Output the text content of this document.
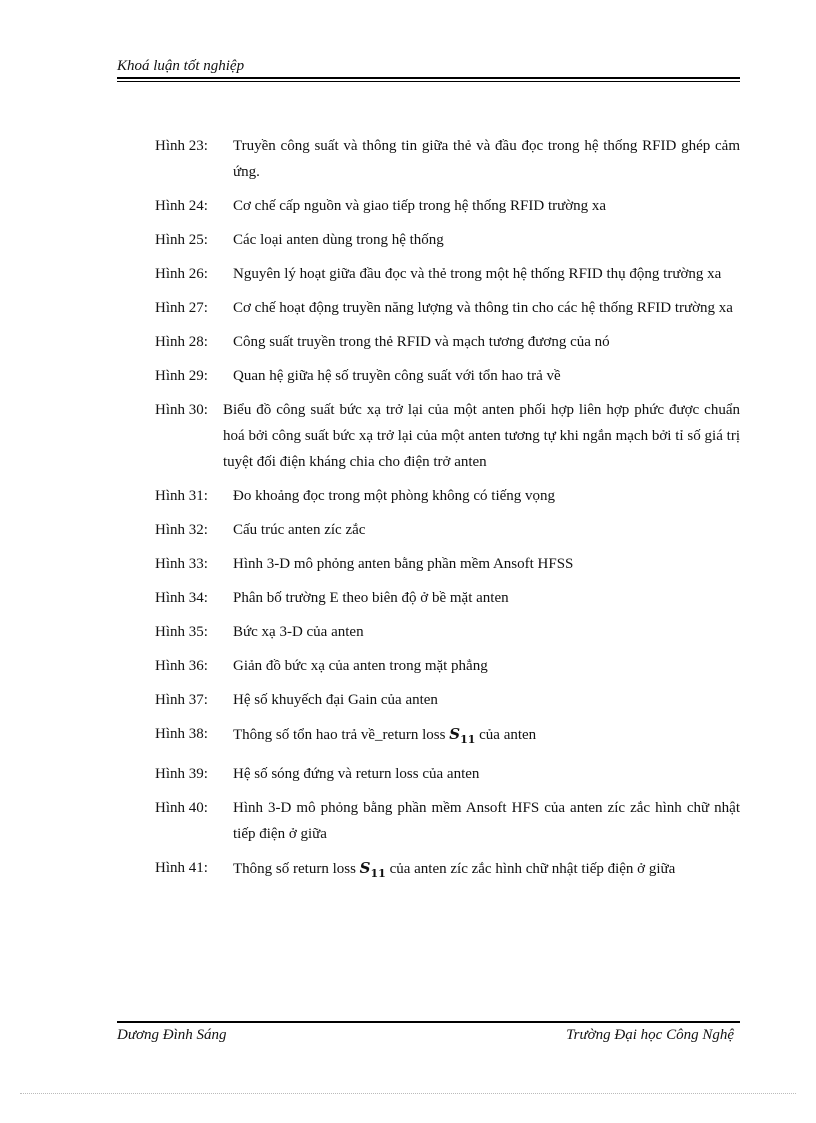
Khoá luận tốt nghiệp
Hình 23:	Truyền công suất và thông tin giữa thẻ và đầu đọc trong hệ thống RFID ghép cảm ứng.
Hình 24:	Cơ chế cấp nguồn và giao tiếp trong hệ thống RFID trường xa
Hình 25:	Các loại anten dùng trong hệ thống
Hình 26:	Nguyên lý hoạt giữa đầu đọc và thẻ trong một hệ thống RFID thụ động trường xa
Hình 27:	Cơ chế hoạt động truyền năng lượng và thông tin cho các hệ thống RFID trường xa
Hình 28:	Công suất truyền trong thẻ RFID và mạch tương đương của nó
Hình 29:	Quan hệ giữa hệ số truyền công suất với tổn hao trả về
Hình 30:	Biểu đồ công suất bức xạ trở lại của một anten phối hợp liên hợp phức được chuẩn hoá bởi công suất bức xạ trở lại của một anten tương tự khi ngắn mạch bởi tỉ số giá trị tuyệt đối điện kháng chia cho điện trở anten
Hình 31:	Đo khoảng đọc trong một phòng không có tiếng vọng
Hình 32:	Cấu trúc anten zíc zắc
Hình 33:	Hình 3-D mô phỏng anten bằng phần mềm Ansoft HFSS
Hình 34:	Phân bố trường E theo biên độ ở bề mặt anten
Hình 35:	Bức xạ 3-D của anten
Hình 36:	Giản đồ bức xạ của anten trong mặt phẳng
Hình 37:	Hệ số khuyếch đại Gain của anten
Hình 38:	Thông số tổn hao trả về_return loss $S_{11}$ của anten
Hình 39:	Hệ số sóng đứng và return loss của anten
Hình 40:	Hình 3-D mô phỏng bằng phần mềm Ansoft HFS của anten zíc zắc hình chữ nhật tiếp điện ở giữa
Hình 41:	Thông số return loss $S_{11}$ của anten zíc zắc hình chữ nhật tiếp điện ở giữa
Dương Đình Sáng	Trường Đại học Công Nghệ
